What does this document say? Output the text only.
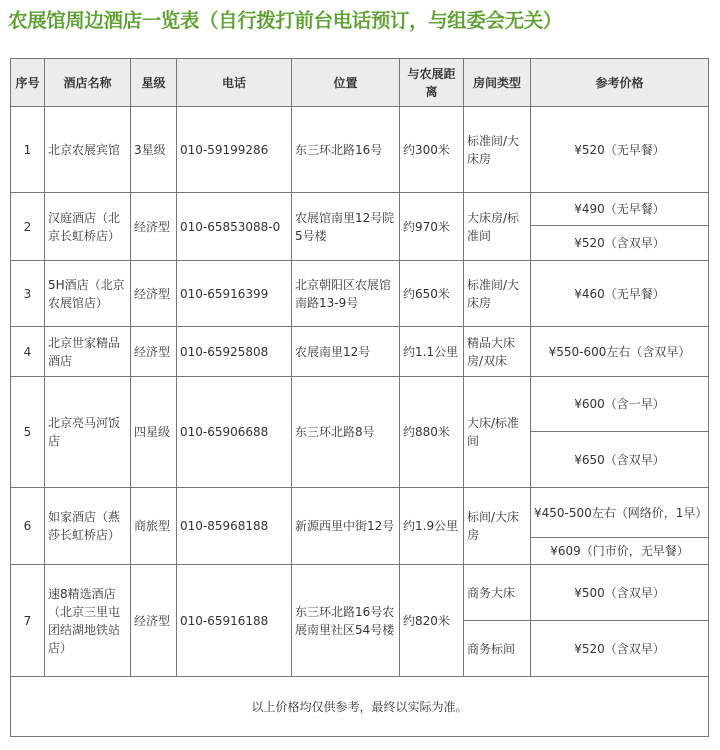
农展馆周边酒店一览表（自行拨打前台电话预订，与组委会无关）
序号	酒店名称	星级	电话	位置	与农展距离	房间类型	参考价格
1	北京农展宾馆	3星级	010-59199286	东三环北路16号	约300米	标准间/大床房	¥520（无早餐）
2	汉庭酒店（北京长虹桥店）	经济型	010-65853088-0	农展馆南里12号院5号楼	约970米	大床房/标准间	¥490（无早餐）
							¥520（含双早）
3	5H酒店（北京农展馆店）	经济型	010-65916399	北京朝阳区农展馆南路13-9号	约650米	标准间/大床房	¥460（无早餐）
4	北京世家精品酒店	经济型	010-65925808	农展南里12号	约1.1公里	精品大床房/双床	¥550-600左右（含双早）
5	北京亮马河饭店	四星级	010-65906688	东三环北路8号	约880米	大床/标准间	¥600（含一早）
							¥650（含双早）
6	如家酒店（燕莎长虹桥店）	商旅型	010-85968188	新源西里中街12号	约1.9公里	标间/大床房	¥450-500左右（网络价，1早）
							¥609（门市价，无早餐）
7	速8精选酒店（北京三里屯团结湖地铁站店）	经济型	010-65916188	东三环北路16号农展南里社区54号楼	约820米	商务大床	¥500（含双早）
						商务标间	¥520（含双早）
以上价格均仅供参考，最终以实际为准。							
